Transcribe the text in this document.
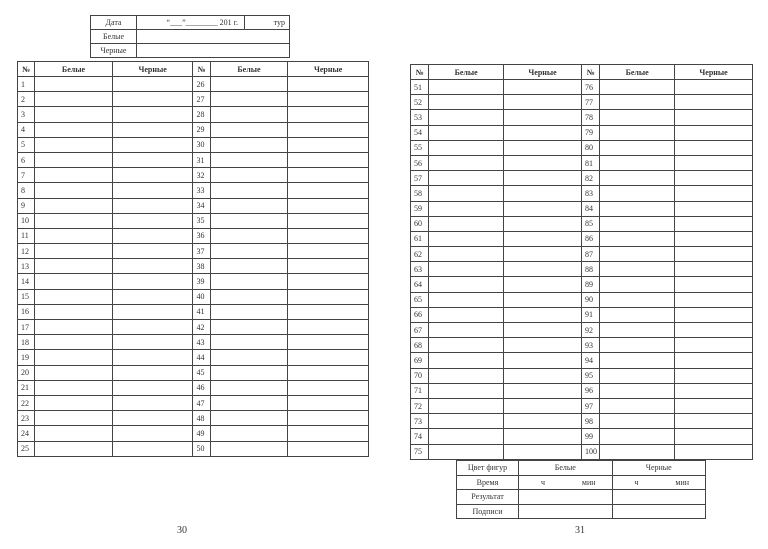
Дата	“___”________ 201 г.	тур
Белые		
Черные		
№	Белые	Черные	№	Белые	Черные
1			26		
2			27		
3			28		
4			29		
5			30		
6			31		
7			32		
8			33		
9			34		
10			35		
11			36		
12			37		
13			38		
14			39		
15			40		
16			41		
17			42		
18			43		
19			44		
20			45		
21			46		
22			47		
23			48		
24			49		
25			50		
№	Белые	Черные	№	Белые	Черные
51			76		
52			77		
53			78		
54			79		
55			80		
56			81		
57			82		
58			83		
59			84		
60			85		
61			86		
62			87		
63			88		
64			89		
65			90		
66			91		
67			92		
68			93		
69			94		
70			95		
71			96		
72			97		
73			98		
74			99		
75			100		
Цвет фигур	Белые	Черные
Время	ч мин	ч мин

Результат		
Подписи		
30	31
